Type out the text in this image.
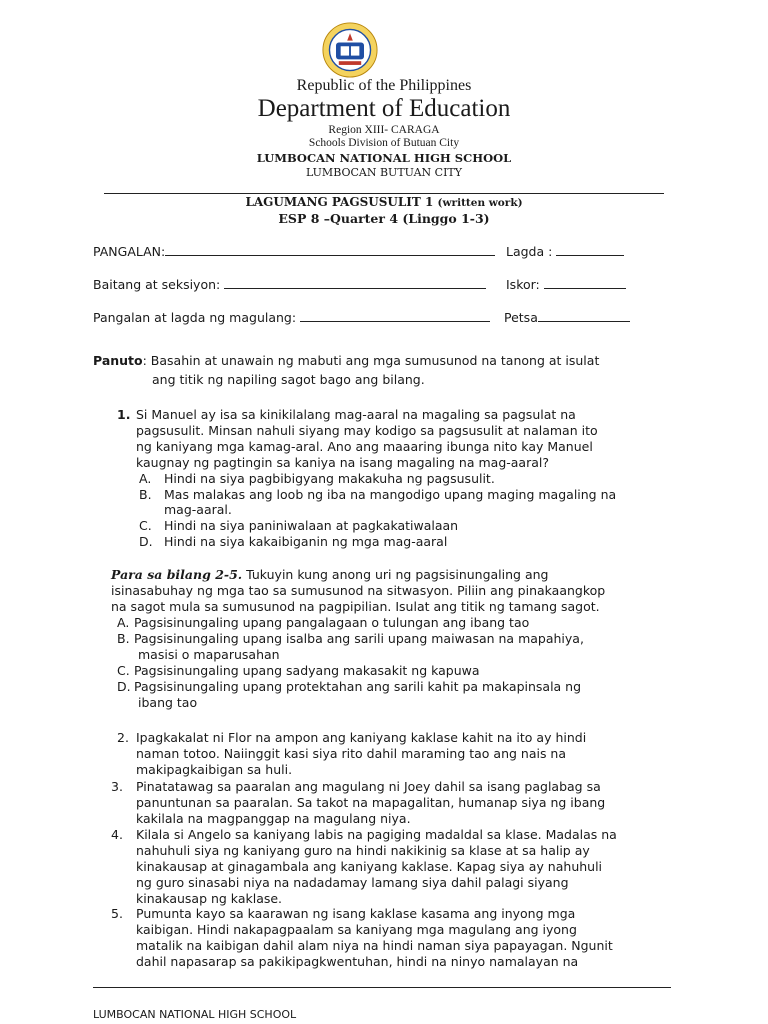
Republic of the Philippines
Department of Education
Region XIII- CARAGA
Schools Division of Butuan City
LUMBOCAN NATIONAL HIGH SCHOOL
LUMBOCAN BUTUAN CITY
LAGUMANG PAGSUSULIT 1 (written work)
ESP 8 –Quarter 4 (Linggo 1-3)
PANGALAN:	Lagda :
Baitang at seksiyon:	Iskor:
Pangalan at lagda ng magulang:	Petsa
Panuto: Basahin at unawain ng mabuti ang mga sumusunod na tanong at isulat
ang titik ng napiling sagot bago ang bilang.
1. Si Manuel ay isa sa kinikilalang mag-aaral na magaling sa pagsulat na
pagsusulit. Minsan nahuli siyang may kodigo sa pagsusulit at nalaman ito
ng kaniyang mga kamag-aral. Ano ang maaaring ibunga nito kay Manuel
kaugnay ng pagtingin sa kaniya na isang magaling na mag-aaral?
A. Hindi na siya pagbibigyang makakuha ng pagsusulit.
B. Mas malakas ang loob ng iba na mangodigo upang maging magaling na
mag-aaral.
C. Hindi na siya paniniwalaan at pagkakatiwalaan
D. Hindi na siya kakaibiganin ng mga mag-aaral
Para sa bilang 2-5. Tukuyin kung anong uri ng pagsisinungaling ang
isinasabuhay ng mga tao sa sumusunod na sitwasyon. Piliin ang pinakaangkop
na sagot mula sa sumusunod na pagpipilian. Isulat ang titik ng tamang sagot.
A. Pagsisinungaling upang pangalagaan o tulungan ang ibang tao
B. Pagsisinungaling upang isalba ang sarili upang maiwasan na mapahiya,
masisi o maparusahan
C. Pagsisinungaling upang sadyang makasakit ng kapuwa
D. Pagsisinungaling upang protektahan ang sarili kahit pa makapinsala ng
ibang tao
2. Ipagkakalat ni Flor na ampon ang kaniyang kaklase kahit na ito ay hindi
naman totoo. Naiinggit kasi siya rito dahil maraming tao ang nais na
makipagkaibigan sa huli.
3. Pinatatawag sa paaralan ang magulang ni Joey dahil sa isang paglabag sa
panuntunan sa paaralan. Sa takot na mapagalitan, humanap siya ng ibang
kakilala na magpanggap na magulang niya.
4. Kilala si Angelo sa kaniyang labis na pagiging madaldal sa klase. Madalas na
nahuhuli siya ng kaniyang guro na hindi nakikinig sa klase at sa halip ay
kinakausap at ginagambala ang kaniyang kaklase. Kapag siya ay nahuhuli
ng guro sinasabi niya na nadadamay lamang siya dahil palagi siyang
kinakausap ng kaklase.
5. Pumunta kayo sa kaarawan ng isang kaklase kasama ang inyong mga
kaibigan. Hindi nakapagpaalam sa kaniyang mga magulang ang iyong
matalik na kaibigan dahil alam niya na hindi naman siya papayagan. Ngunit
dahil napasarap sa pakikipagkwentuhan, hindi na ninyo namalayan na
LUMBOCAN NATIONAL HIGH SCHOOL
